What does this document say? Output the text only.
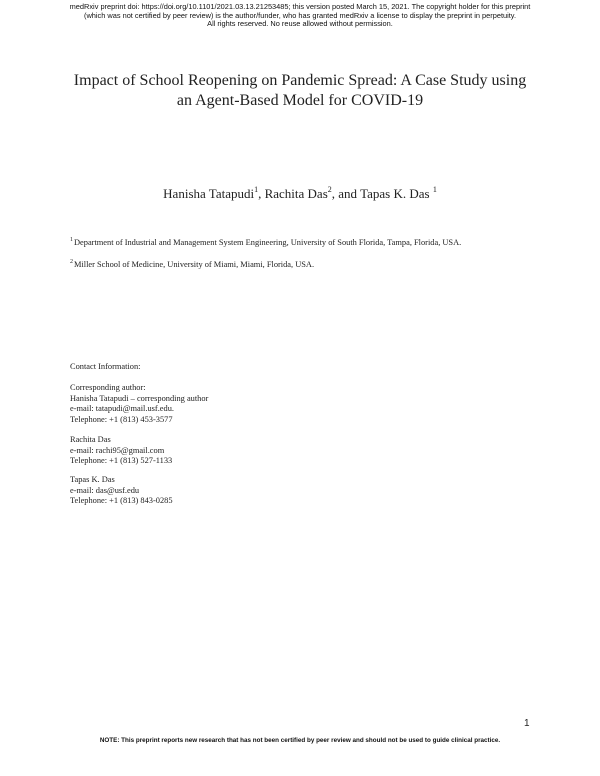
medRxiv preprint doi: https://doi.org/10.1101/2021.03.13.21253485; this version posted March 15, 2021. The copyright holder for this preprint
(which was not certified by peer review) is the author/funder, who has granted medRxiv a license to display the preprint in perpetuity.
All rights reserved. No reuse allowed without permission.
Impact of School Reopening on Pandemic Spread: A Case Study using
an Agent-Based Model for COVID-19
Hanisha Tatapudi$^1$, Rachita Das$^2$, and Tapas K. Das $^1$
$^1$Department of Industrial and Management System Engineering, University of South Florida, Tampa, Florida, USA.
$^2$Miller School of Medicine, University of Miami, Miami, Florida, USA.
Contact Information:
Corresponding author:
Hanisha Tatapudi – corresponding author
e-mail: tatapudi@mail.usf.edu.
Telephone: +1 (813) 453-3577
Rachita Das
e-mail: rachi95@gmail.com
Telephone: +1 (813) 527-1133
Tapas K. Das
e-mail: das@usf.edu
Telephone: +1 (813) 843-0285
1
NOTE: This preprint reports new research that has not been certified by peer review and should not be used to guide clinical practice.
